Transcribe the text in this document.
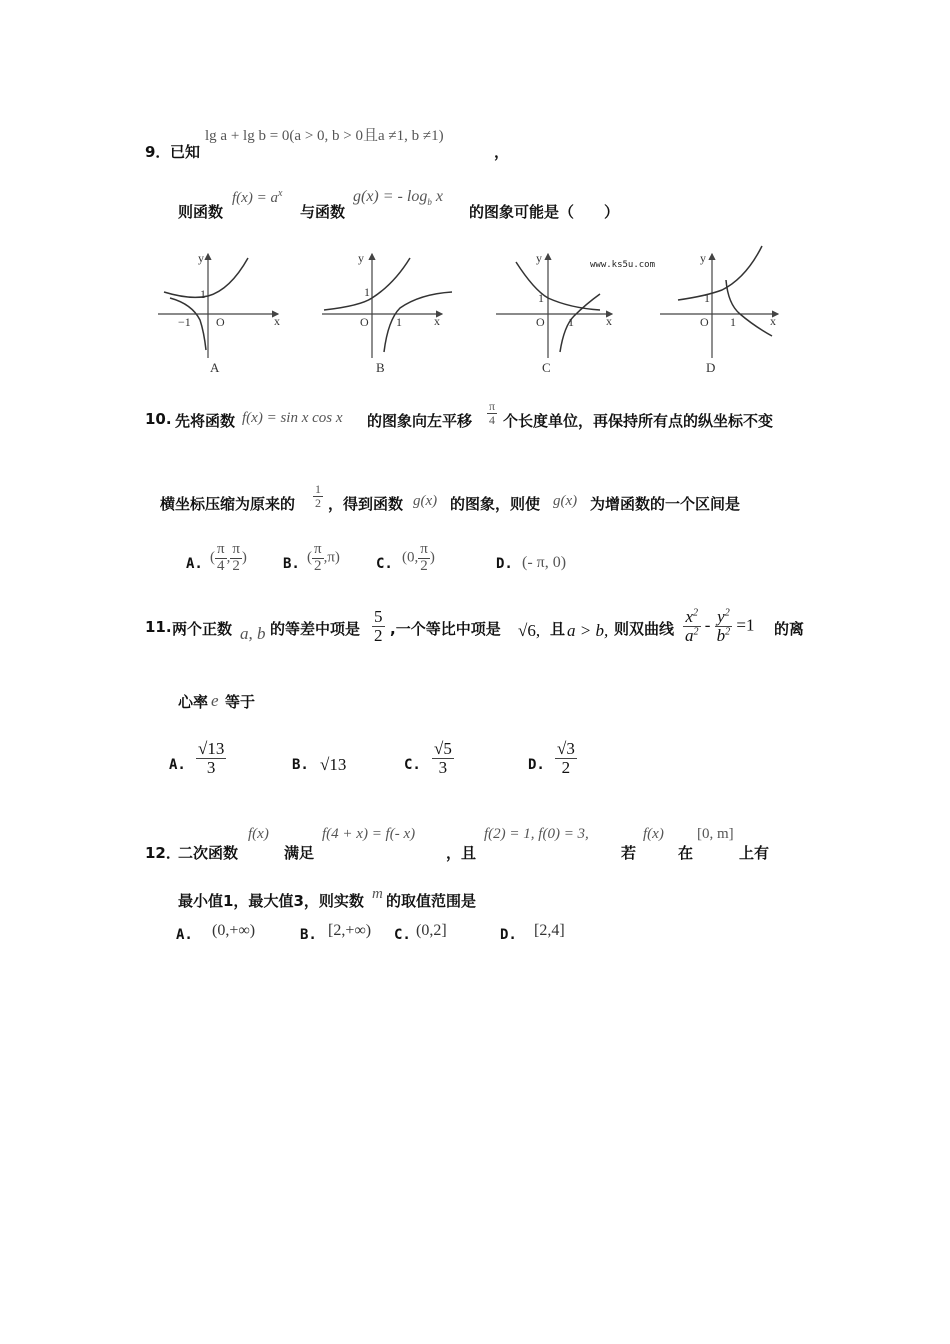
9． 已知
lg a + lg b = 0(a > 0, b > 0且a ≠1, b ≠1)
，
则函数
$f(x) = a^x$
与函数
g(x) = - $\log_b x$
的图象可能是（　　）
x
y
O
1
−1
A
x
y
O
1
1
B
x
y
O
1
1
www.ks5u.com
C
x
y
O
1
1
D
10. 先将函数 f(x) = sin x cos x 的图象向左平移 $\frac{\pi}{4}$ 个长度单位，再保持所有点的纵坐标不变
横坐标压缩为原来的 $\frac{1}{2}$ ，得到函数 g(x) 的图象，则使 g(x) 为增函数的一个区间是
A. ( $\frac{\pi}{4}$ , $\frac{\pi}{2}$ )	B. ( $\frac{\pi}{2} ,\pi$)	C. (0, $\frac{\pi}{2}$ )	D. (- π, 0)
11. 两个正数 a, b 的等差中项是 $\frac{5}{2}$ ,一个等比中项是 √6, 且 a > b, 则双曲线 $\frac{x^2}{a^2} - \frac{y^2}{b^2} =1$ 的离
心率 e 等于
A. $\frac{√13}{3}$	B. √13	C. $\frac{√5}{3}$	D. $\frac{√3}{2}$
12．
二次函数
f(x)
满足
f(4 + x) = f(- x)
，且
f(2) = 1, f(0) = 3,
若
f(x)
在
[0, m]
上有
最小值1，最大值3，则实数 m 的取值范围是
A. (0,+∞)	B. [2,+∞) C. (0,2]	D. [2,4]
